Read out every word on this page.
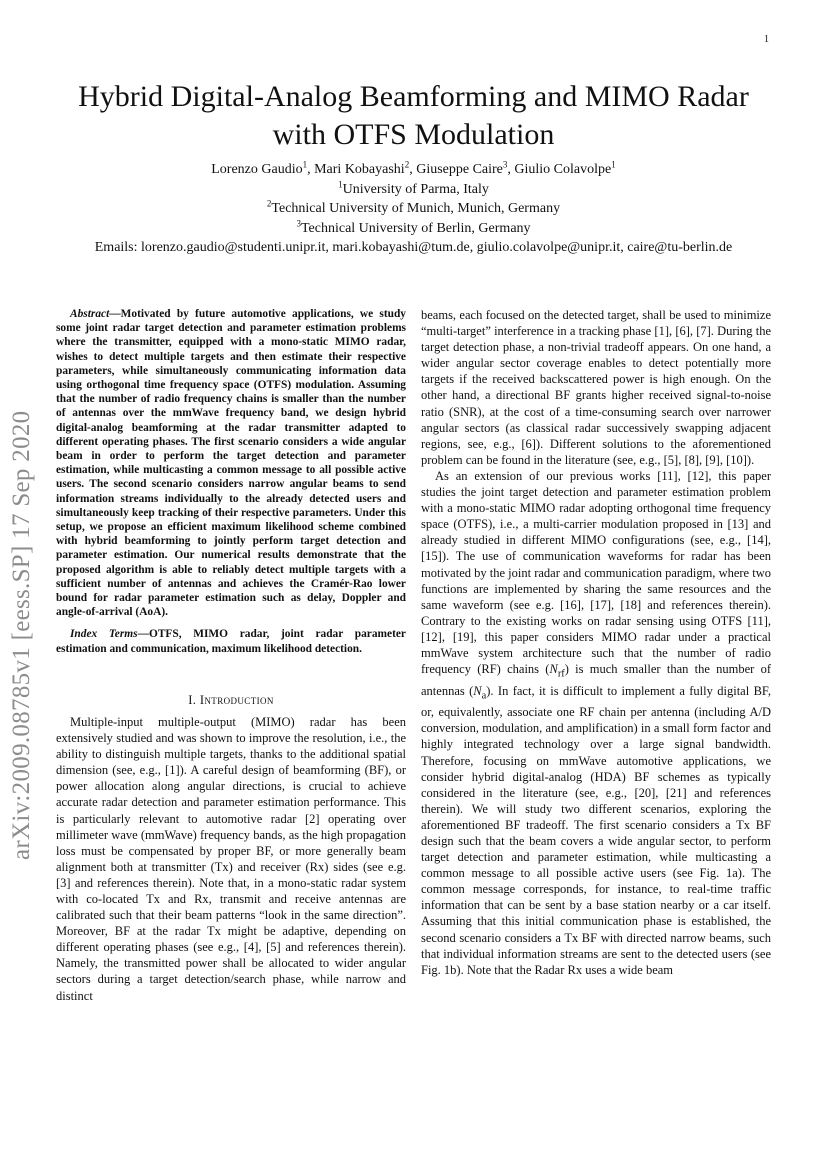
1
arXiv:2009.08785v1 [eess.SP] 17 Sep 2020
Hybrid Digital-Analog Beamforming and MIMO Radar with OTFS Modulation
Lorenzo Gaudio$^1$, Mari Kobayashi$^2$, Giuseppe Caire$^3$, Giulio Colavolpe$^1$
$^1$University of Parma, Italy
$^2$Technical University of Munich, Munich, Germany
$^3$Technical University of Berlin, Germany
Emails: lorenzo.gaudio@studenti.unipr.it, mari.kobayashi@tum.de, giulio.colavolpe@unipr.it, caire@tu-berlin.de

Abstract—Motivated by future automotive applications, we study some joint radar target detection and parameter estimation problems where the transmitter, equipped with a mono-static MIMO radar, wishes to detect multiple targets and then estimate their respective parameters, while simultaneously communicating information data using orthogonal time frequency space (OTFS) modulation. Assuming that the number of radio frequency chains is smaller than the number of antennas over the mmWave frequency band, we design hybrid digital-analog beamforming at the radar transmitter adapted to different operating phases. The first scenario considers a wide angular beam in order to perform the target detection and parameter estimation, while multicasting a common message to all possible active users. The second scenario considers narrow angular beams to send information streams individually to the already detected users and simultaneously keep tracking of their respective parameters. Under this setup, we propose an efficient maximum likelihood scheme combined with hybrid beamforming to jointly perform target detection and parameter estimation. Our numerical results demonstrate that the proposed algorithm is able to reliably detect multiple targets with a sufficient number of antennas and achieves the Cramér-Rao lower bound for radar parameter estimation such as delay, Doppler and angle-of-arrival (AoA).

Index Terms—OTFS, MIMO radar, joint radar parameter estimation and communication, maximum likelihood detection.

I. Introduction

Multiple-input multiple-output (MIMO) radar has been extensively studied and was shown to improve the resolution, i.e., the ability to distinguish multiple targets, thanks to the additional spatial dimension (see, e.g., [1]). A careful design of beamforming (BF), or power allocation along angular directions, is crucial to achieve accurate radar detection and parameter estimation performance. This is particularly relevant to automotive radar [2] operating over millimeter wave (mmWave) frequency bands, as the high propagation loss must be compensated by proper BF, or more generally beam alignment both at transmitter (Tx) and receiver (Rx) sides (see e.g. [3] and references therein). Note that, in a mono-static radar system with co-located Tx and Rx, transmit and receive antennas are calibrated such that their beam patterns “look in the same direction”. Moreover, BF at the radar Tx might be adaptive, depending on different operating phases (see e.g., [4], [5] and references therein). Namely, the transmitted power shall be allocated to wider angular sectors during a target detection/search phase, while narrow and distinct

beams, each focused on the detected target, shall be used to minimize “multi-target” interference in a tracking phase [1], [6], [7]. During the target detection phase, a non-trivial tradeoff appears. On one hand, a wider angular sector coverage enables to detect potentially more targets if the received backscattered power is high enough. On the other hand, a directional BF grants higher received signal-to-noise ratio (SNR), at the cost of a time-consuming search over narrower angular sectors (as classical radar successively swapping adjacent regions, see, e.g., [6]). Different solutions to the aforementioned problem can be found in the literature (see, e.g., [5], [8], [9], [10]).

As an extension of our previous works [11], [12], this paper studies the joint target detection and parameter estimation problem with a mono-static MIMO radar adopting orthogonal time frequency space (OTFS), i.e., a multi-carrier modulation proposed in [13] and already studied in different MIMO configurations (see, e.g., [14], [15]). The use of communication waveforms for radar has been motivated by the joint radar and communication paradigm, where two functions are implemented by sharing the same resources and the same waveform (see e.g. [16], [17], [18] and references therein). Contrary to the existing works on radar sensing using OTFS [11], [12], [19], this paper considers MIMO radar under a practical mmWave system architecture such that the number of radio frequency (RF) chains $(N_{rf})$ is much smaller than the number of antennas $(N_a)$. In fact, it is difficult to implement a fully digital BF, or, equivalently, associate one RF chain per antenna (including A/D conversion, modulation, and amplification) in a small form factor and highly integrated technology over a large signal bandwidth. Therefore, focusing on mmWave automotive applications, we consider hybrid digital-analog (HDA) BF schemes as typically considered in the literature (see, e.g., [20], [21] and references therein). We will study two different scenarios, exploring the aforementioned BF tradeoff. The first scenario considers a Tx BF design such that the beam covers a wide angular sector, to perform target detection and parameter estimation, while multicasting a common message to all possible active users (see Fig. 1a). The common message corresponds, for instance, to real-time traffic information that can be sent by a base station nearby or a car itself. Assuming that this initial communication phase is established, the second scenario considers a Tx BF with directed narrow beams, such that individual information streams are sent to the detected users (see Fig. 1b). Note that the Radar Rx uses a wide beam
